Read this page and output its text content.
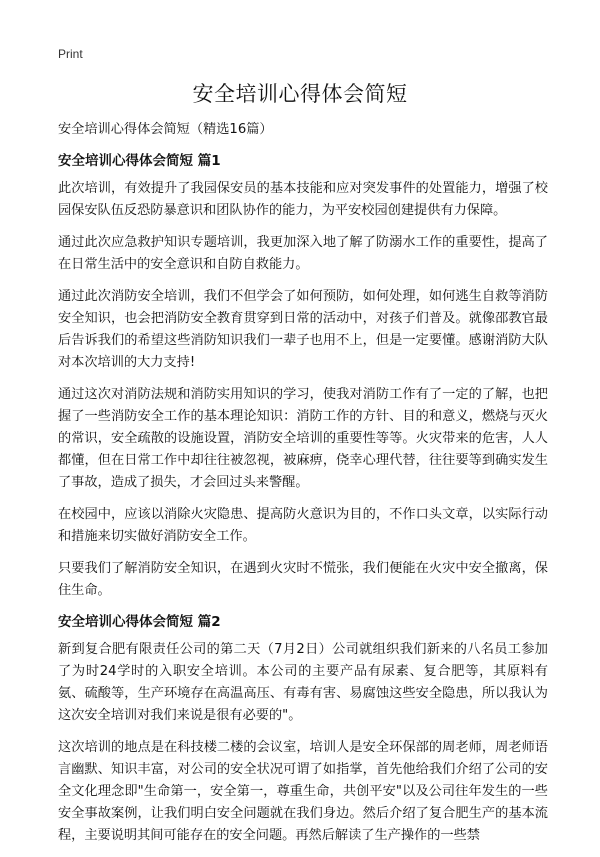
Print
安全培训心得体会简短
安全培训心得体会简短（精选16篇）
安全培训心得体会简短 篇1

此次培训，有效提升了我园保安员的基本技能和应对突发事件的处置能力，增强了校园保安队伍反恐防暴意识和团队协作的能力，为平安校园创建提供有力保障。

通过此次应急救护知识专题培训，我更加深入地了解了防溺水工作的重要性，提高了在日常生活中的安全意识和自防自救能力。

通过此次消防安全培训，我们不但学会了如何预防，如何处理，如何逃生自救等消防安全知识，也会把消防安全教育贯穿到日常的活动中，对孩子们普及。就像邵教官最后告诉我们的希望这些消防知识我们一辈子也用不上，但是一定要懂。感谢消防大队对本次培训的大力支持!

通过这次对消防法规和消防实用知识的学习，使我对消防工作有了一定的了解，也把握了一些消防安全工作的基本理论知识：消防工作的方针、目的和意义，燃烧与灭火的常识，安全疏散的设施设置，消防安全培训的重要性等等。火灾带来的危害，人人都懂，但在日常工作中却往往被忽视，被麻痹，侥幸心理代替，往往要等到确实发生了事故，造成了损失，才会回过头来警醒。

在校园中，应该以消除火灾隐患、提高防火意识为目的，不作口头文章，以实际行动和措施来切实做好消防安全工作。

只要我们了解消防安全知识，在遇到火灾时不慌张，我们便能在火灾中安全撤离，保住生命。

安全培训心得体会简短 篇2

新到复合肥有限责任公司的第二天（7月2日）公司就组织我们新来的八名员工参加了为时24学时的入职安全培训。本公司的主要产品有尿素、复合肥等，其原料有氨、硫酸等，生产环境存在高温高压、有毒有害、易腐蚀这些安全隐患，所以我认为这次安全培训对我们来说是很有必要的"。

这次培训的地点是在科技楼二楼的会议室，培训人是安全环保部的周老师，周老师语言幽默、知识丰富，对公司的安全状况可谓了如指掌，首先他给我们介绍了公司的安全文化理念即"生命第一，安全第一，尊重生命，共创平安"以及公司往年发生的一些安全事故案例，让我们明白安全问题就在我们身边。然后介绍了复合肥生产的基本流程，主要说明其间可能存在的安全问题。再然后解读了生产操作的一些禁
